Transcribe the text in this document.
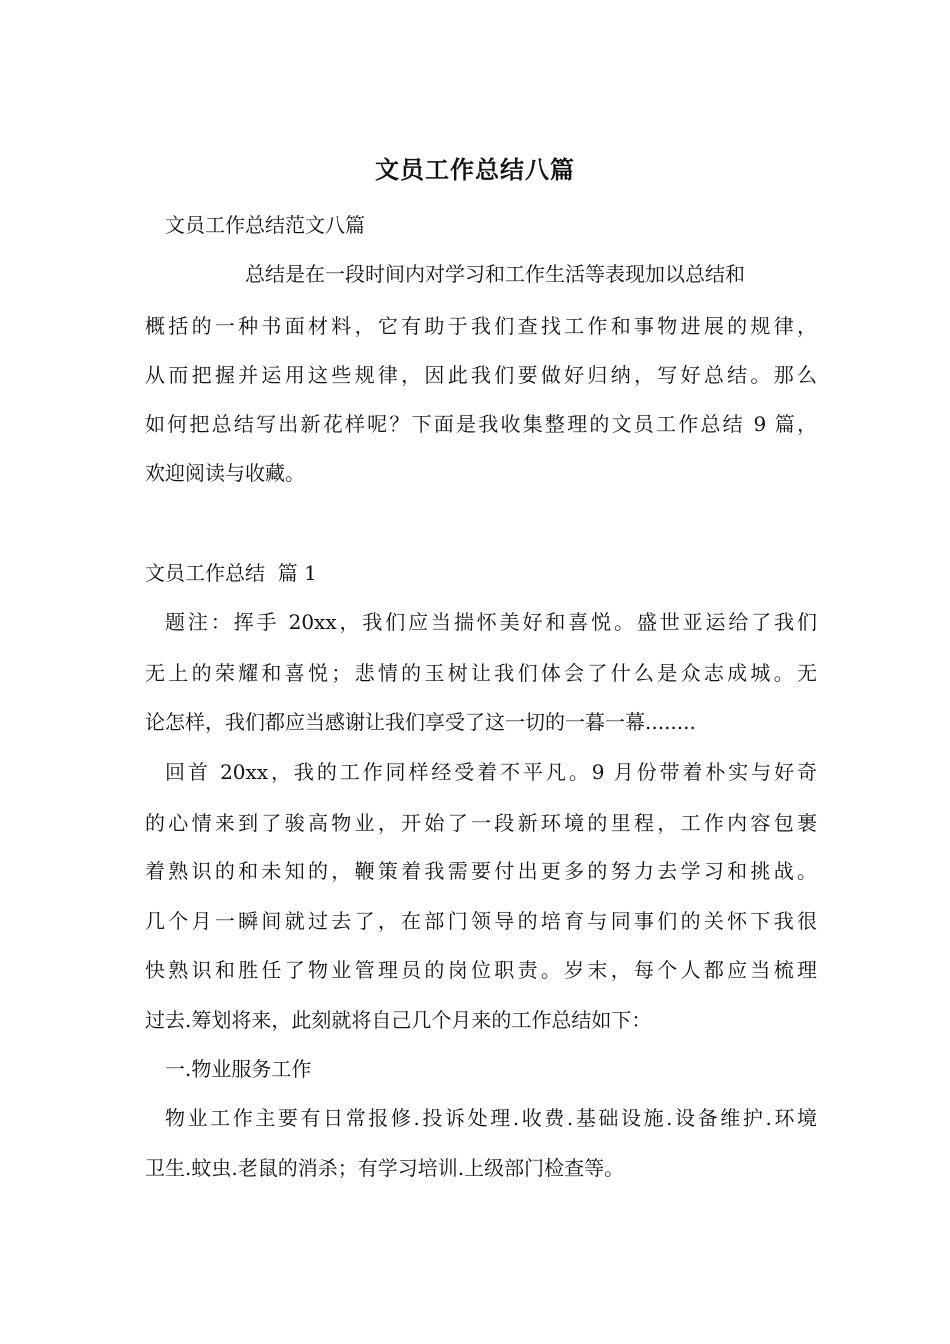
文员工作总结八篇
文员工作总结范文八篇
总结是在一段时间内对学习和工作生活等表现加以总结和
概括的一种书面材料，它有助于我们查找工作和事物进展的规律，
从而把握并运用这些规律，因此我们要做好归纳，写好总结。那么
如何把总结写出新花样呢？下面是我收集整理的文员工作总结 9 篇，
欢迎阅读与收藏。
文员工作总结  篇 1
题注：挥手 20xx，我们应当揣怀美好和喜悦。盛世亚运给了我们
无上的荣耀和喜悦；悲情的玉树让我们体会了什么是众志成城。无
论怎样，我们都应当感谢让我们享受了这一切的一暮一幕........
回首 20xx，我的工作同样经受着不平凡。9 月份带着朴实与好奇
的心情来到了骏高物业，开始了一段新环境的里程，工作内容包裹
着熟识的和未知的，鞭策着我需要付出更多的努力去学习和挑战。
几个月一瞬间就过去了，在部门领导的培育与同事们的关怀下我很
快熟识和胜任了物业管理员的岗位职责。岁末，每个人都应当梳理
过去.筹划将来，此刻就将自己几个月来的工作总结如下：
一.物业服务工作
物业工作主要有日常报修.投诉处理.收费.基础设施.设备维护.环境
卫生.蚊虫.老鼠的消杀；有学习培训.上级部门检查等。
